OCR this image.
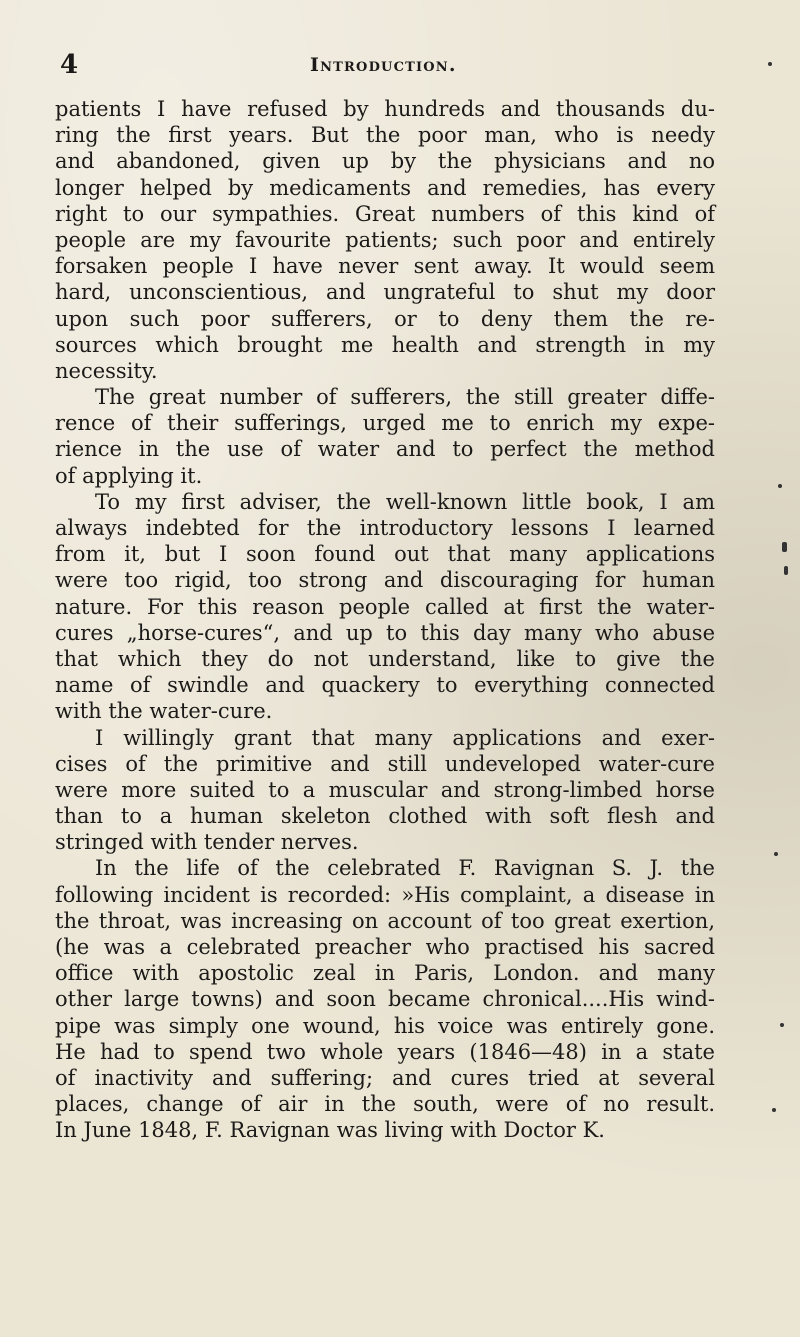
4	Introduction.
patients I have refused by hundreds and thousands du-
ring the first years. But the poor man, who is needy
and abandoned, given up by the physicians and no
longer helped by medicaments and remedies, has every
right to our sympathies. Great numbers of this kind of
people are my favourite patients; such poor and entirely
forsaken people I have never sent away. It would seem
hard, unconscientious, and ungrateful to shut my door
upon such poor sufferers, or to deny them the re-
sources which brought me health and strength in my
necessity.
The great number of sufferers, the still greater diffe-
rence of their sufferings, urged me to enrich my expe-
rience in the use of water and to perfect the method
of applying it.
To my first adviser, the well-known little book, I am
always indebted for the introductory lessons I learned
from it, but I soon found out that many applications
were too rigid, too strong and discouraging for human
nature. For this reason people called at first the water-
cures „horse-cures“, and up to this day many who abuse
that which they do not understand, like to give the
name of swindle and quackery to everything connected
with the water-cure.
I willingly grant that many applications and exer-
cises of the primitive and still undeveloped water-cure
were more suited to a muscular and strong-limbed horse
than to a human skeleton clothed with soft flesh and
stringed with tender nerves.
In the life of the celebrated F. Ravignan S. J. the
following incident is recorded: »His complaint, a disease in
the throat, was increasing on account of too great exertion,
(he was a celebrated preacher who practised his sacred
office with apostolic zeal in Paris, London. and many
other large towns) and soon became chronical....His wind-
pipe was simply one wound, his voice was entirely gone.
He had to spend two whole years (1846—48) in a state
of inactivity and suffering; and cures tried at several
places, change of air in the south, were of no result.
In June 1848, F. Ravignan was living with Doctor K.
